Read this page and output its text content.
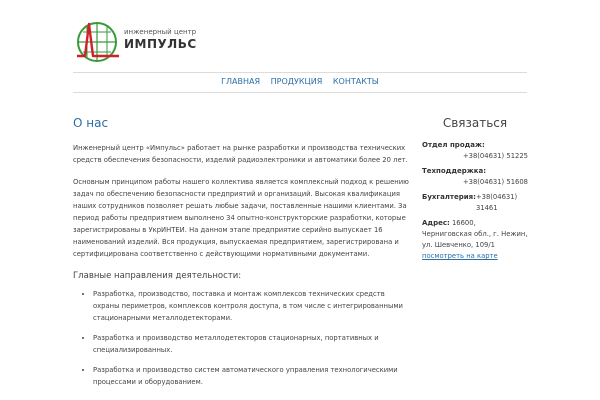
инженерный центр
ИМПУЛЬС
ГЛАВНАЯ ПРОДУКЦИЯ КОНТАКТЫ
О нас

Инженерный центр «Импульс» работает на рынке разработки и производства технических средств обеспечения безопасности, изделий радиоэлектроники и автоматики более 20 лет.

Основным принципом работы нашего коллектива является комплексный подход к решению задач по обеспечению безопасности предприятий и организаций. Высокая квалификация наших сотрудников позволяет решать любые задачи, поставленные нашими клиентами. За период работы предприятием выполнено 34 опытно-конструкторские разработки, которые зарегистрированы в УкрИНТЕИ. На данном этапе предприятие серийно выпускает 16 наименований изделий. Вся продукция, выпускаемая предприятием, зарегистрирована и сертифицирована соответственно с действующими нормативными документами.

Главные направления деятельности:
• Разработка, производство, поставка и монтаж комплексов технических средств охраны периметров, комплексов контроля доступа, в том числе с интегрированными стационарными металлодетекторами.
• Разработка и производство металлодетекторов стационарных, портативных и специализированных.
• Разработка и производство систем автоматического управления технологическими процессами и оборудованием.
Связаться
Отдел продаж:
+38(04631) 51225
Техподдержка:
+38(04631) 51608
Бухгалтерия: +38(04631) 31461
Адрес: 16600,
Черниговская обл., г. Нежин,
ул. Шевченко, 109/1
посмотреть на карте
